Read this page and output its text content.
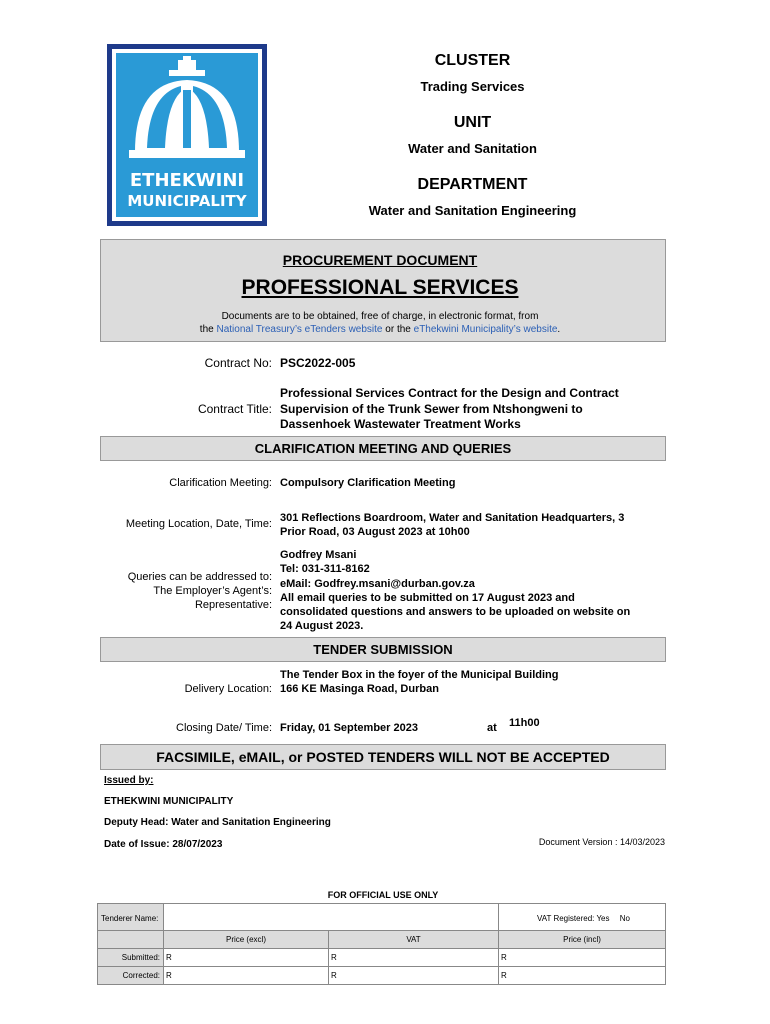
ETHEKWINI
MUNICIPALITY
CLUSTER
Trading Services
UNIT
Water and Sanitation
DEPARTMENT
Water and Sanitation Engineering
PROCUREMENT DOCUMENT
PROFESSIONAL SERVICES
Documents are to be obtained, free of charge, in electronic format, from
the National Treasury’s eTenders website or the eThekwini Municipality’s website.
Contract No: PSC2022-005
Contract Title:
Professional Services Contract for the Design and Contract
Supervision of the Trunk Sewer from Ntshongweni to
Dassenhoek Wastewater Treatment Works
CLARIFICATION MEETING AND QUERIES
Clarification Meeting: Compulsory Clarification Meeting
Meeting Location, Date, Time: 301 Reflections Boardroom, Water and Sanitation Headquarters, 3
Prior Road, 03 August 2023 at 10h00
Queries can be addressed to:
The Employer’s Agent’s:
Representative:
Godfrey Msani
Tel: 031-311-8162
eMail: Godfrey.msani@durban.gov.za
All email queries to be submitted on 17 August 2023 and
consolidated questions and answers to be uploaded on website on
24 August 2023.
TENDER SUBMISSION
Delivery Location:
The Tender Box in the foyer of the Municipal Building
166 KE Masinga Road, Durban
Closing Date/ Time: Friday, 01 September 2023	at 11h00
FACSIMILE, eMAIL, or POSTED TENDERS WILL NOT BE ACCEPTED
Issued by:
ETHEKWINI MUNICIPALITY
Deputy Head: Water and Sanitation Engineering
Date of Issue: 28/07/2023	Document Version : 14/03/2023
FOR OFFICIAL USE ONLY
Tenderer Name:	VAT Registered: Yes No
Price (excl)	VAT	Price (incl)
Submitted: R	R	R
Corrected: R	R	R
